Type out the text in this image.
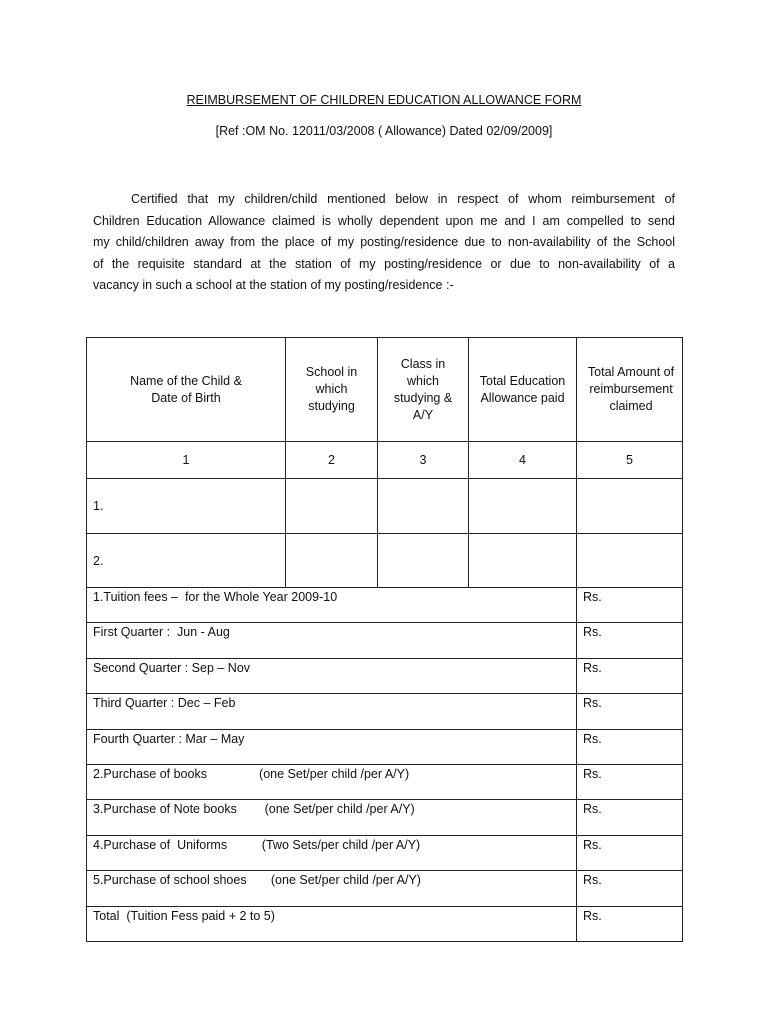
REIMBURSEMENT OF CHILDREN EDUCATION ALLOWANCE FORM
[Ref :OM No. 12011/03/2008 ( Allowance) Dated 02/09/2009]
Certified that my children/child mentioned below in respect of whom reimbursement of
Children Education Allowance claimed is wholly dependent upon me and I am compelled to send
my child/children away from the place of my posting/residence due to non-availability of the School
of the requisite standard at the station of my posting/residence or due to non-availability of a
vacancy in such a school at the station of my posting/residence :-
Name of the Child & Date of Birth	School in which studying	Class in which studying & A/Y	Total Education Allowance paid	Total Amount of reimbursement claimed
1	2	3	4	5
1.				
2.				
1.Tuition fees –  for the Whole Year 2009-10	Rs.
First Quarter :  Jun - Aug	Rs.
Second Quarter : Sep – Nov	Rs.
Third Quarter : Dec – Feb	Rs.
Fourth Quarter : Mar – May	Rs.
2.Purchase of books               (one Set/per child /per A/Y)	Rs.
3.Purchase of Note books        (one Set/per child /per A/Y)	Rs.
4.Purchase of  Uniforms          (Two Sets/per child /per A/Y)	Rs.
5.Purchase of school shoes       (one Set/per child /per A/Y)	Rs.
Total  (Tuition Fess paid + 2 to 5)	Rs.
